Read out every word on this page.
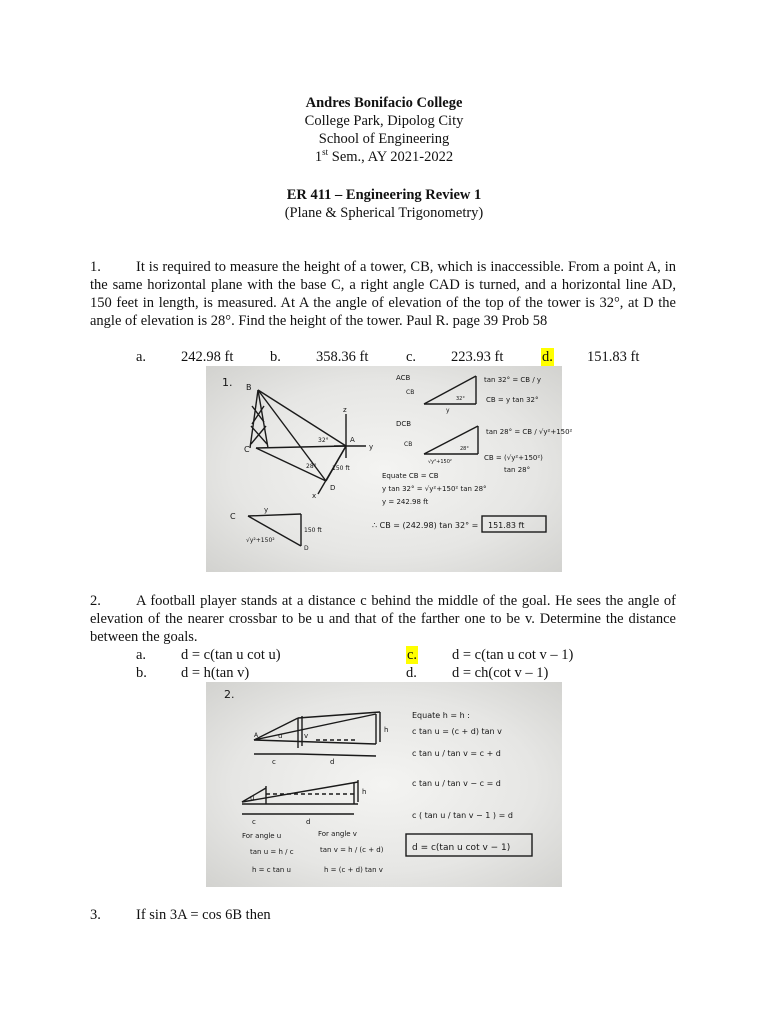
Andres Bonifacio College
College Park, Dipolog City
School of Engineering
1st Sem., AY 2021-2022
ER 411 – Engineering Review 1
(Plane & Spherical Trigonometry)
1. It is required to measure the height of a tower, CB, which is inaccessible. From a point A, in the same horizontal plane with the base C, a right angle CAD is turned, and a horizontal line AD, 150 feet in length, is measured. At A the angle of elevation of the top of the tower is 32°, at D the angle of elevation is 28°. Find the height of the tower. Paul R. page 39 Prob 58
a. 242.98 ft	b. 358.36 ft	c. 223.93 ft	d. 151.83 ft
1. B
C
A
D
z
y
x
32°
28°	150 ft
C
y
D
150 ft
√y²+150²
ACB
CB
y
32°
tan 32° = CB / y
CB = y tan 32°
DCB
CB
28°
√y²+150²
tan 28° = CB / √y²+150²
CB = (√y²+150²)
tan 28°
Equate CB = CB
y tan 32° = √y²+150² tan 28°
y = 242.98 ft
∴ CB = (242.98) tan 32° = 151.83 ft
2. A football player stands at a distance c behind the middle of the goal. He sees the angle of elevation of the nearer crossbar to be u and that of the farther one to be v. Determine the distance between the goals.
a. d = c(tan u cot u)	c. d = c(tan u cot v – 1)
b. d = h(tan v)	d. d = ch(cot v – 1)
2.
A
c	d
u	v
h
u
h
c	d
For angle u
tan u = h / c
h = c tan u
For angle v
tan v = h / (c + d)
h = (c + d) tan v
Equate h = h :
c tan u = (c + d) tan v
c tan u / tan v = c + d
c tan u / tan v − c = d
c ( tan u / tan v − 1 ) = d
d = c(tan u cot v − 1)
3. If sin 3A = cos 6B then
